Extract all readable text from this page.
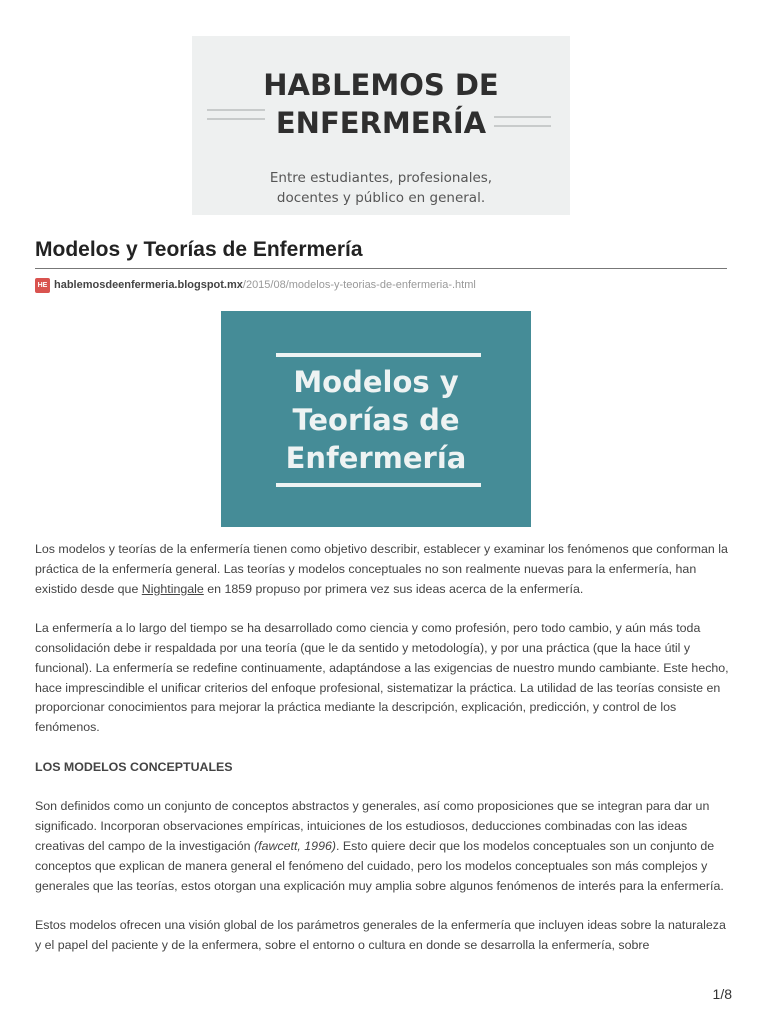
HABLEMOS DE
ENFERMERÍA
Entre estudiantes, profesionales,
docentes y público en general.
Modelos y Teorías de Enfermería
HE hablemosdeenfermeria.blogspot.mx /2015/08/modelos-y-teorias-de-enfermeria-.html
Modelos y
Teorías de
Enfermería

Los modelos y teorías de la enfermería tienen como objetivo describir, establecer y examinar los fenómenos que conforman la práctica de la enfermería general. Las teorías y modelos conceptuales no son realmente nuevas para la enfermería, han existido desde que Nightingale en 1859 propuso por primera vez sus ideas acerca de la enfermería.

La enfermería a lo largo del tiempo se ha desarrollado como ciencia y como profesión, pero todo cambio, y aún más toda consolidación debe ir respaldada por una teoría (que le da sentido y metodología), y por una práctica (que la hace útil y funcional). La enfermería se redefine continuamente, adaptándose a las exigencias de nuestro mundo cambiante. Este hecho, hace imprescindible el unificar criterios del enfoque profesional, sistematizar la práctica. La utilidad de las teorías consiste en proporcionar conocimientos para mejorar la práctica mediante la descripción, explicación, predicción, y control de los fenómenos.

LOS MODELOS CONCEPTUALES

Son definidos como un conjunto de conceptos abstractos y generales, así como proposiciones que se integran para dar un significado. Incorporan observaciones empíricas, intuiciones de los estudiosos, deducciones combinadas con las ideas creativas del campo de la investigación (fawcett, 1996). Esto quiere decir que los modelos conceptuales son un conjunto de conceptos que explican de manera general el fenómeno del cuidado, pero los modelos conceptuales son más complejos y generales que las teorías, estos otorgan una explicación muy amplia sobre algunos fenómenos de interés para la enfermería.

Estos modelos ofrecen una visión global de los parámetros generales de la enfermería que incluyen ideas sobre la naturaleza y el papel del paciente y de la enfermera, sobre el entorno o cultura en donde se desarrolla la enfermería, sobre

1/8
